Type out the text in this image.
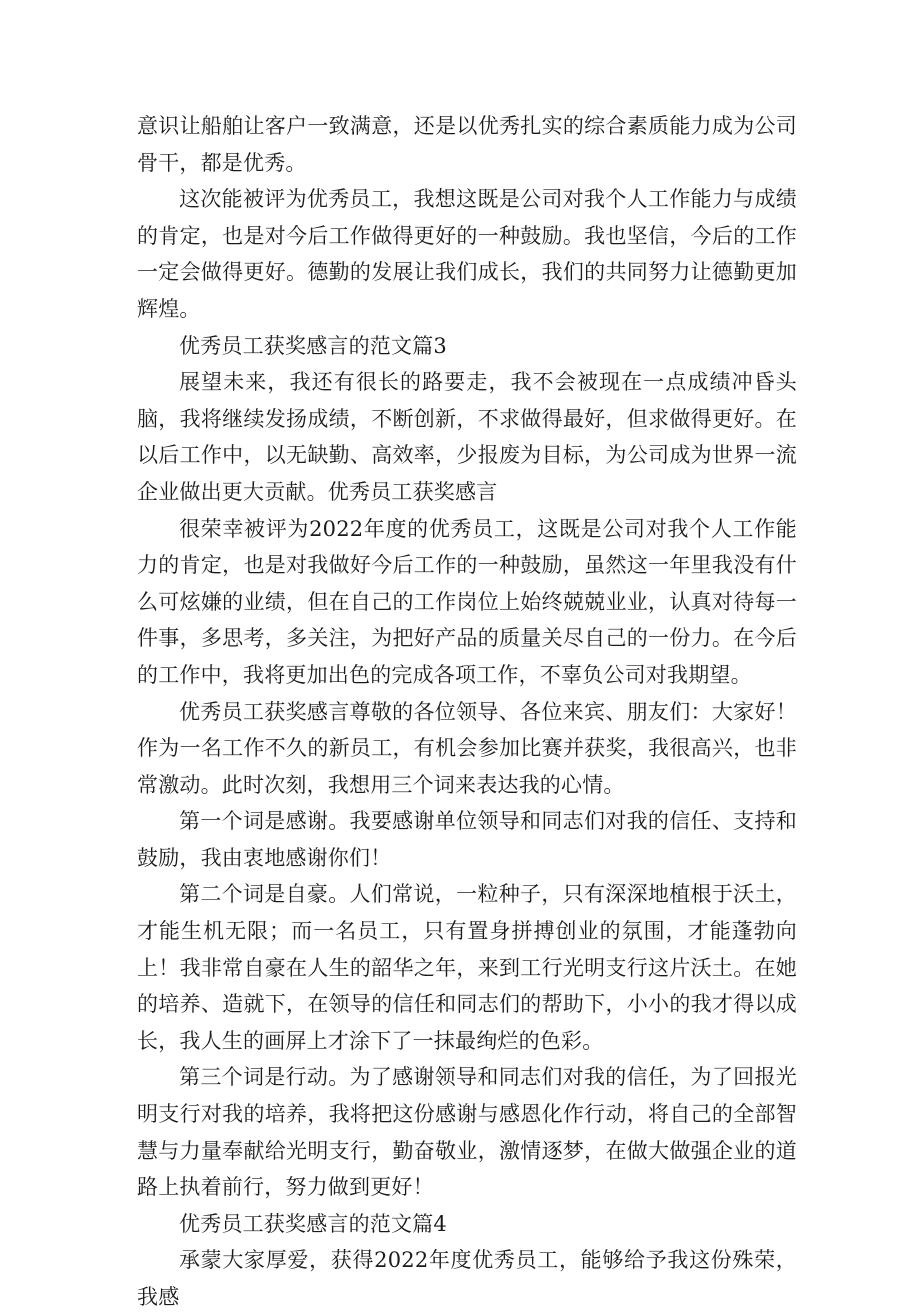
意识让船舶让客户一致满意，还是以优秀扎实的综合素质能力成为公司骨干，都是优秀。

这次能被评为优秀员工，我想这既是公司对我个人工作能力与成绩的肯定，也是对今后工作做得更好的一种鼓励。我也坚信，今后的工作一定会做得更好。德勤的发展让我们成长，我们的共同努力让德勤更加辉煌。

优秀员工获奖感言的范文篇3

展望未来，我还有很长的路要走，我不会被现在一点成绩冲昏头脑，我将继续发扬成绩，不断创新，不求做得最好，但求做得更好。在以后工作中，以无缺勤、高效率，少报废为目标，为公司成为世界一流企业做出更大贡献。优秀员工获奖感言

很荣幸被评为2022年度的优秀员工，这既是公司对我个人工作能力的肯定，也是对我做好今后工作的一种鼓励，虽然这一年里我没有什么可炫嫌的业绩，但在自己的工作岗位上始终兢兢业业，认真对待每一件事，多思考，多关注，为把好产品的质量关尽自己的一份力。在今后的工作中，我将更加出色的完成各项工作，不辜负公司对我期望。

优秀员工获奖感言尊敬的各位领导、各位来宾、朋友们：大家好！作为一名工作不久的新员工，有机会参加比赛并获奖，我很高兴，也非常激动。此时次刻，我想用三个词来表达我的心情。

第一个词是感谢。我要感谢单位领导和同志们对我的信任、支持和鼓励，我由衷地感谢你们！

第二个词是自豪。人们常说，一粒种子，只有深深地植根于沃土，才能生机无限；而一名员工，只有置身拼搏创业的氛围，才能蓬勃向上！我非常自豪在人生的韶华之年，来到工行光明支行这片沃土。在她的培养、造就下，在领导的信任和同志们的帮助下，小小的我才得以成长，我人生的画屏上才涂下了一抹最绚烂的色彩。

第三个词是行动。为了感谢领导和同志们对我的信任，为了回报光明支行对我的培养，我将把这份感谢与感恩化作行动，将自己的全部智慧与力量奉献给光明支行，勤奋敬业，激情逐梦，在做大做强企业的道路上执着前行，努力做到更好！

优秀员工获奖感言的范文篇4

承蒙大家厚爱，获得2022年度优秀员工，能够给予我这份殊荣，我感
